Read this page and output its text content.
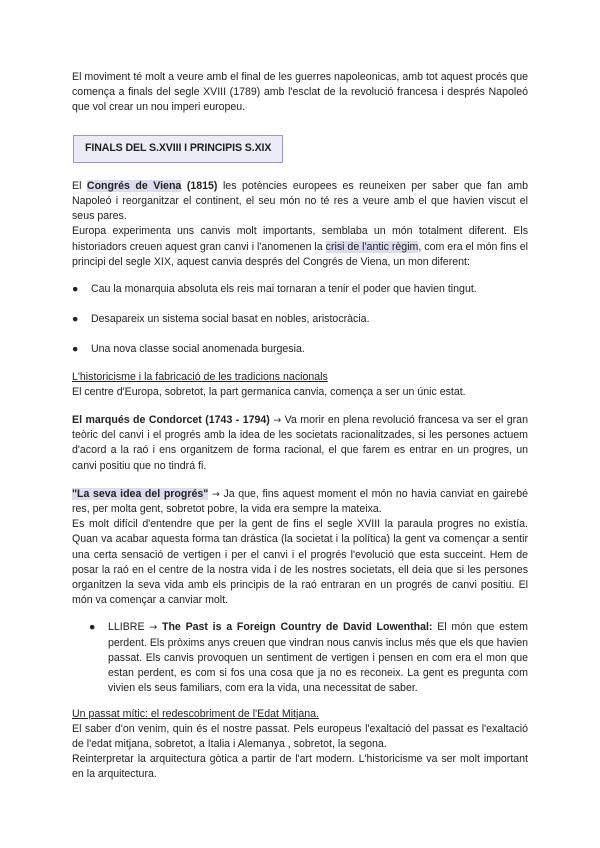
El moviment té molt a veure amb el final de les guerres napoleonicas, amb tot aquest procés que comença a finals del segle XVIII (1789) amb l'esclat de la revolució francesa i després Napoleó que vol crear un nou imperi europeu.

FINALS DEL S.XVIII I PRINCIPIS S.XIX

El Congrés de Viena (1815) les potències europees es reuneixen per saber que fan amb Napoleó i reorganitzar el continent, el seu món no té res a veure amb el que havien viscut el seus pares.

Europa experimenta uns canvis molt importants, semblaba un món totalment diferent. Els historiadors creuen aquest gran canvi i l'anomenen la crisi de l'antic règim, com era el món fins el principi del segle XIX, aquest canvia després del Congrés de Viena, un mon diferent:

● Cau la monarquia absoluta els reis mai tornaran a tenir el poder que havien tingut.
● Desapareix un sistema social basat en nobles, aristocràcia.
● Una nova classe social anomenada burgesia.

L'historicisme i la fabricació de les tradicions nacionals

El centre d'Europa, sobretot, la part germanica canvia, comença a ser un únic estat.

El marqués de Condorcet (1743 - 1794) → Va morir en plena revolució francesa va ser el gran teòric del canvi i el progrés amb la idea de les societats racionalitzades, si les persones actuem d'acord a la raó i ens organitzem de forma racional, el que farem es entrar en un progres, un canvi positiu que no tindrá fi.

"La seva idea del progrés" → Ja que, fins aquest moment el món no havia canviat en gairebé res, per molta gent, sobretot pobre, la vida era sempre la mateixa.

Es molt difícil d'entendre que per la gent de fins el segle XVIII la paraula progres no existía. Quan va acabar aquesta forma tan drástica (la societat i la política) la gent va començar a sentir una certa sensació de vertigen i per el canvi i el progrés l'evolució que esta succeint. Hem de posar la raó en el centre de la nostra vida i de les nostres societats, ell deia que si les persones organitzen la seva vida amb els principis de la raó entraran en un progrés de canvi positiu. El món va començar a canviar molt.

● LLIBRE → The Past is a Foreign Country de David Lowenthal: El món que estem perdent. Els pròxims anys creuen que vindran nous canvis inclus més que els que havien passat. Els canvis provoquen un sentiment de vertigen i pensen en com era el mon que estan perdent, es com si fos una cosa que ja no es reconeix. La gent es pregunta com vivien els seus familiars, com era la vida, una necessitat de saber.

Un passat mític: el redescobriment de l'Edat Mitjana.

El saber d'on venim, quin és el nostre passat. Pels europeus l'exaltació del passat es l'exaltació de l'edat mitjana, sobretot, a Italia i Alemanya , sobretot, la segona.

Reinterpretar la arquitectura gòtica a partir de l'art modern. L'historicisme va ser molt important en la arquitectura.
